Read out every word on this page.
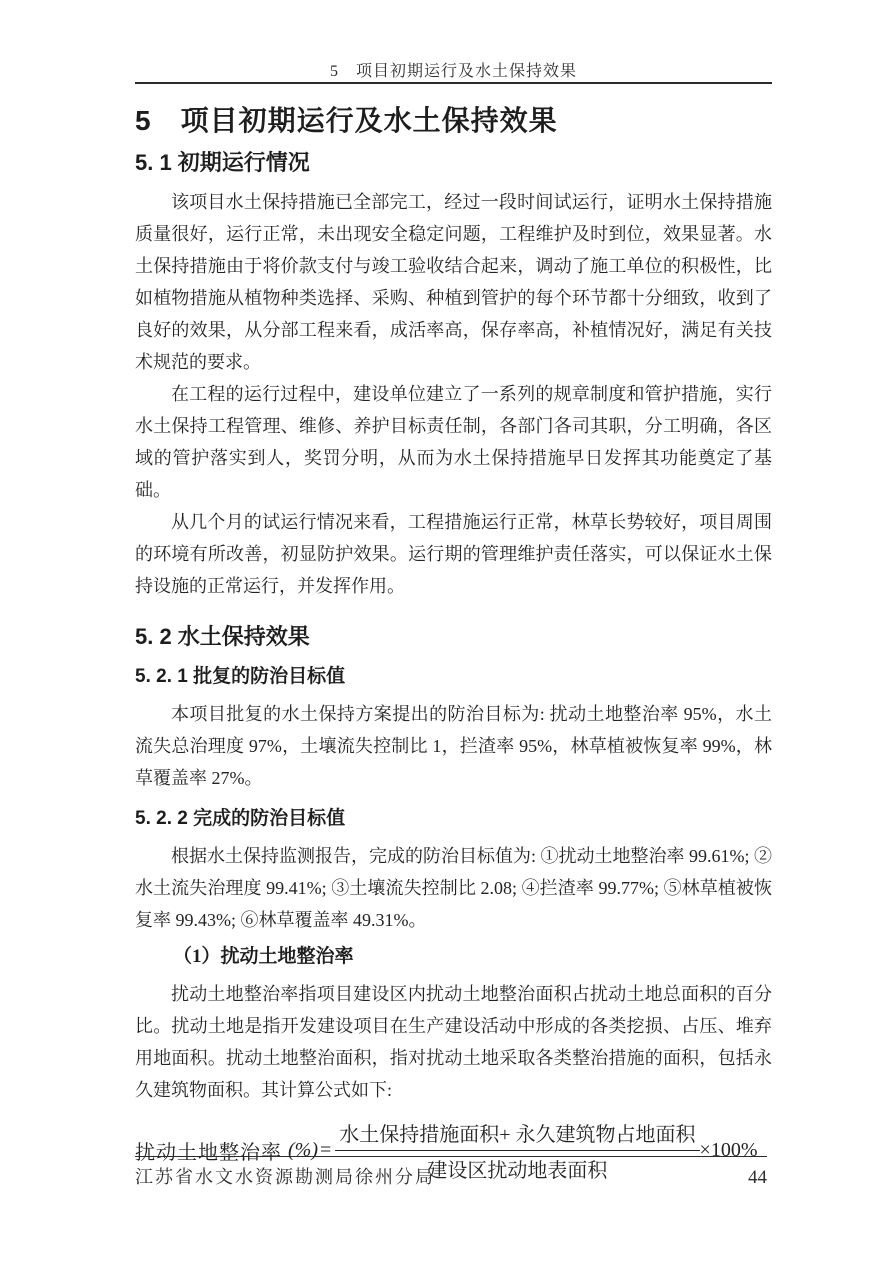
5　项目初期运行及水土保持效果
5　项目初期运行及水土保持效果
5. 1 初期运行情况

该项目水土保持措施已全部完工，经过一段时间试运行，证明水土保持措施质量很好，运行正常，未出现安全稳定问题，工程维护及时到位，效果显著。水土保持措施由于将价款支付与竣工验收结合起来，调动了施工单位的积极性，比如植物措施从植物种类选择、采购、种植到管护的每个环节都十分细致，收到了良好的效果，从分部工程来看，成活率高，保存率高，补植情况好，满足有关技术规范的要求。

在工程的运行过程中，建设单位建立了一系列的规章制度和管护措施，实行水土保持工程管理、维修、养护目标责任制，各部门各司其职，分工明确，各区域的管护落实到人，奖罚分明，从而为水土保持措施早日发挥其功能奠定了基础。

从几个月的试运行情况来看，工程措施运行正常，林草长势较好，项目周围的环境有所改善，初显防护效果。运行期的管理维护责任落实，可以保证水土保持设施的正常运行，并发挥作用。

5. 2 水土保持效果
5. 2. 1 批复的防治目标值

本项目批复的水土保持方案提出的防治目标为: 扰动土地整治率 95%，水土流失总治理度 97%，土壤流失控制比 1，拦渣率 95%，林草植被恢复率 99%，林草覆盖率 27%。

5. 2. 2 完成的防治目标值

根据水土保持监测报告，完成的防治目标值为: ①扰动土地整治率 99.61%; ②水土流失治理度 99.41%; ③土壤流失控制比 2.08; ④拦渣率 99.77%; ⑤林草植被恢复率 99.43%; ⑥林草覆盖率 49.31%。

（1）扰动土地整治率

扰动土地整治率指项目建设区内扰动土地整治面积占扰动土地总面积的百分比。扰动土地是指开发建设项目在生产建设活动中形成的各类挖损、占压、堆弃用地面积。扰动土地整治面积，指对扰动土地采取各类整治措施的面积，包括永久建筑物面积。其计算公式如下:

扰动土地整治率 (%) = $\frac{\text{水土保持措施面积+ 永久建筑物占地面积}}{\text{建设区扰动地表面积}} \times 100\%$
江苏省水文水资源勘测局徐州分局	44
